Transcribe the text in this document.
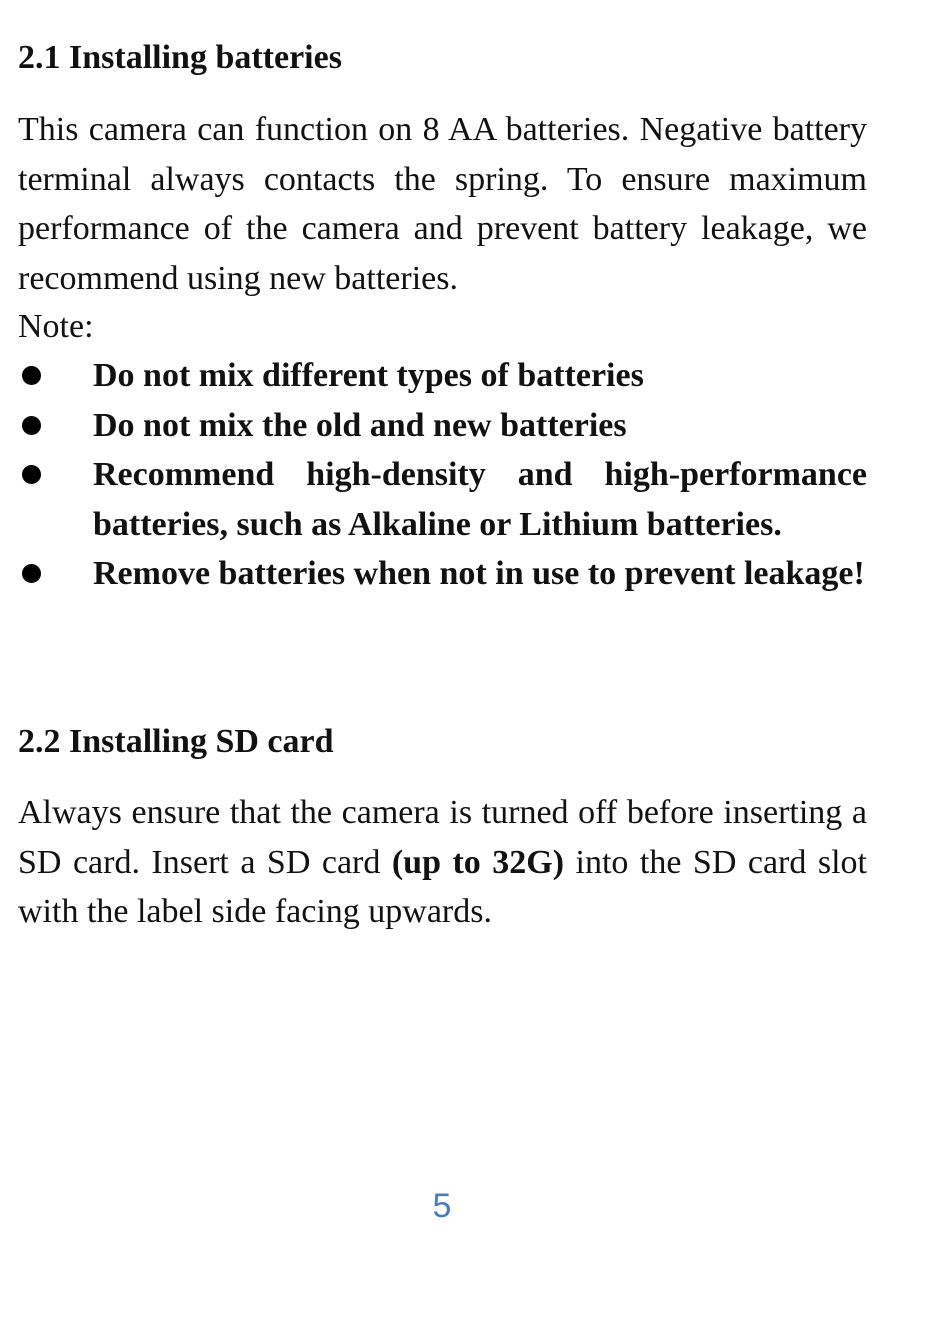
2.1 Installing batteries

This camera can function on 8 AA batteries. Negative battery terminal always contacts the spring. To ensure maximum performance of the camera and prevent battery leakage, we recommend using new batteries.

Note:

Do not mix different types of batteries
Do not mix the old and new batteries
Recommend high-density and high-performance batteries, such as Alkaline or Lithium batteries.
Remove batteries when not in use to prevent leakage!
2.2 Installing SD card

Always ensure that the camera is turned off before inserting a SD card. Insert a SD card (up to 32G) into the SD card slot with the label side facing upwards.

5
